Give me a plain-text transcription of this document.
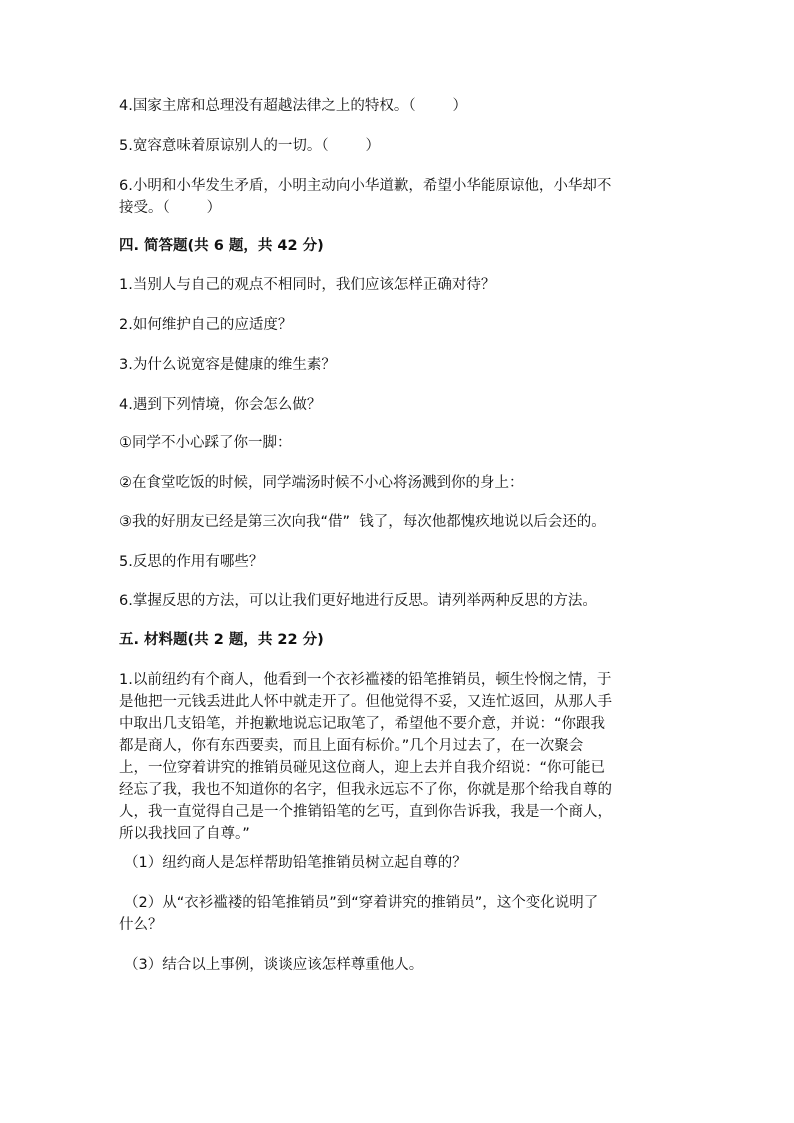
4.国家主席和总理没有超越法律之上的特权。（        ）
5.宽容意味着原谅别人的一切。（        ）
6.小明和小华发生矛盾，小明主动向小华道歉，希望小华能原谅他，小华却不
接受。（        ）
四. 简答题(共 6 题，共 42 分)
1.当别人与自己的观点不相同时，我们应该怎样正确对待？
2.如何维护自己的应适度？
3.为什么说宽容是健康的维生素？
4.遇到下列情境，你会怎么做？
①同学不小心踩了你一脚：
②在食堂吃饭的时候，同学端汤时候不小心将汤溅到你的身上：
③我的好朋友已经是第三次向我“借”  钱了，每次他都愧疚地说以后会还的。
5.反思的作用有哪些？
6.掌握反思的方法，可以让我们更好地进行反思。请列举两种反思的方法。
五. 材料题(共 2 题，共 22 分)
1.以前纽约有个商人，他看到一个衣衫褴褛的铅笔推销员，顿生怜悯之情，于
是他把一元钱丢进此人怀中就走开了。但他觉得不妥，又连忙返回，从那人手
中取出几支铅笔，并抱歉地说忘记取笔了，希望他不要介意，并说：“你跟我
都是商人，你有东西要卖，而且上面有标价。”几个月过去了，在一次聚会
上，一位穿着讲究的推销员碰见这位商人，迎上去并自我介绍说：“你可能已
经忘了我，我也不知道你的名字，但我永远忘不了你，你就是那个给我自尊的
人，我一直觉得自己是一个推销铅笔的乞丐，直到你告诉我，我是一个商人，
所以我找回了自尊。”
（1）纽约商人是怎样帮助铅笔推销员树立起自尊的？
（2）从“衣衫褴褛的铅笔推销员”到“穿着讲究的推销员”，这个变化说明了
什么？
（3）结合以上事例，谈谈应该怎样尊重他人。
